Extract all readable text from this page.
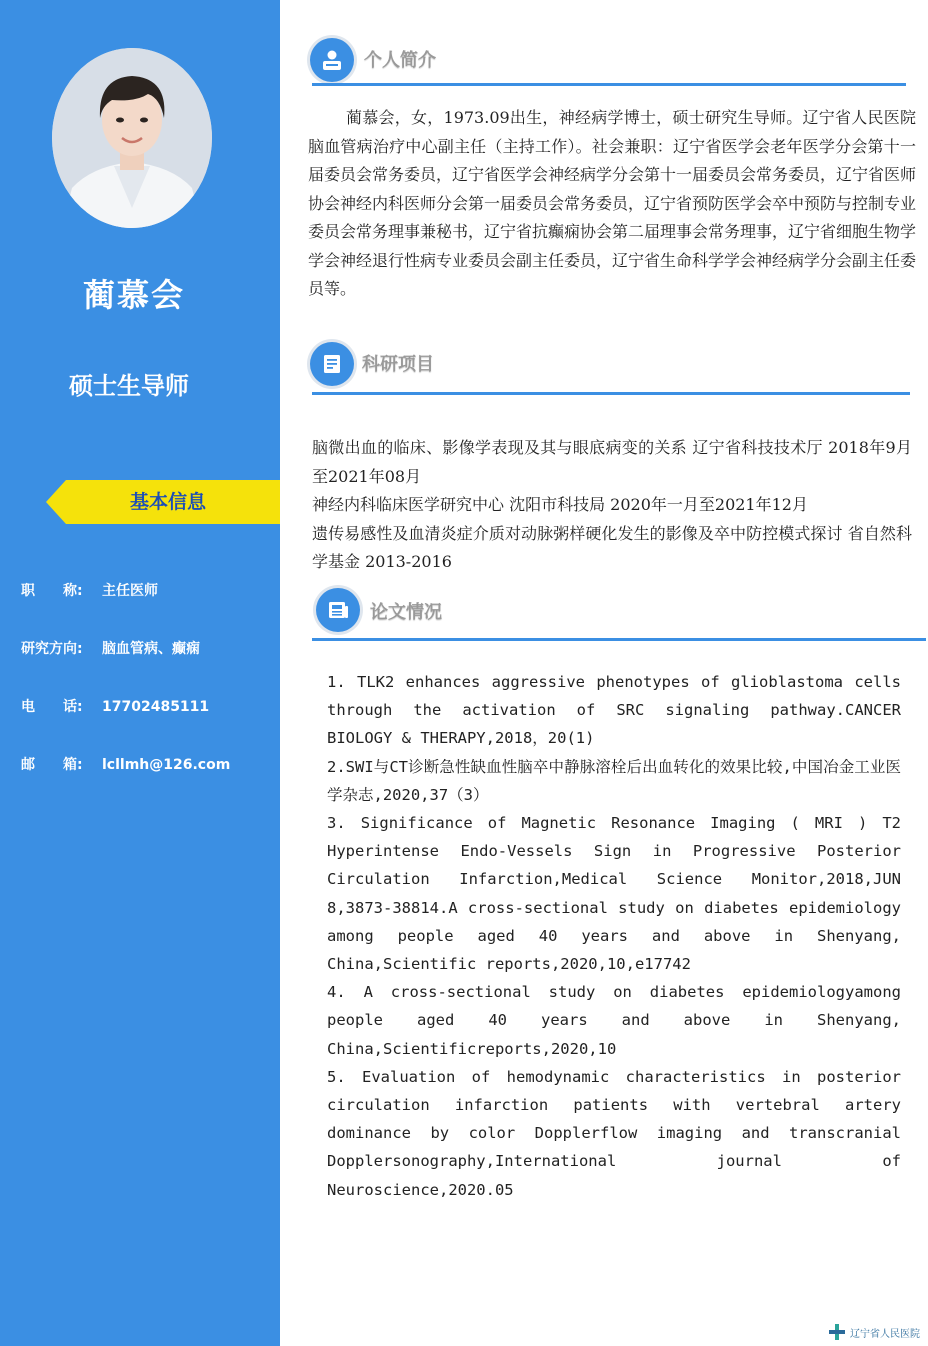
蔺慕会
硕士生导师
基本信息
职　　称: 主任医师
研究方向: 脑血管病、癫痫
电　　话: 17702485111
邮　　箱: lcllmh@126.com
个人简介
蔺慕会，女，1973.09出生，神经病学博士，硕士研究生导师。辽宁省人民医院脑血管病治疗中心副主任（主持工作）。社会兼职：辽宁省医学会老年医学分会第十一届委员会常务委员，辽宁省医学会神经病学分会第十一届委员会常务委员，辽宁省医师协会神经内科医师分会第一届委员会常务委员，辽宁省预防医学会卒中预防与控制专业委员会常务理事兼秘书，辽宁省抗癫痫协会第二届理事会常务理事，辽宁省细胞生物学学会神经退行性病专业委员会副主任委员，辽宁省生命科学学会神经病学分会副主任委员等。
科研项目

脑微出血的临床、影像学表现及其与眼底病变的关系 辽宁省科技技术厅 2018年9月至2021年08月

神经内科临床医学研究中心 沈阳市科技局 2020年一月至2021年12月

遗传易感性及血清炎症介质对动脉粥样硬化发生的影像及卒中防控模式探讨 省自然科学基金 2013-2016

论文情况

1. TLK2 enhances aggressive phenotypes of glioblastoma cells through the activation of SRC signaling pathway.CANCER BIOLOGY & THERAPY,2018，20(1)

2.SWI与CT诊断急性缺血性脑卒中静脉溶栓后出血转化的效果比较,中国冶金工业医学杂志,2020,37（3）

3. Significance of Magnetic Resonance Imaging ( MRI ) T2 Hyperintense Endo-Vessels Sign in Progressive Posterior Circulation Infarction,Medical Science Monitor,2018,JUN 8,3873-38814.A cross-sectional study on diabetes epidemiology among people aged 40 years and above in Shenyang, China,Scientific reports,2020,10,e17742

4. A cross-sectional study on diabetes epidemiologyamong people aged 40 years and above in Shenyang, China,Scientificreports,2020,10

5. Evaluation of hemodynamic characteristics in posterior circulation infarction patients with vertebral artery dominance by color Dopplerflow imaging and transcranial Dopplersonography,International journal of Neuroscience,2020.05

辽宁省人民医院
